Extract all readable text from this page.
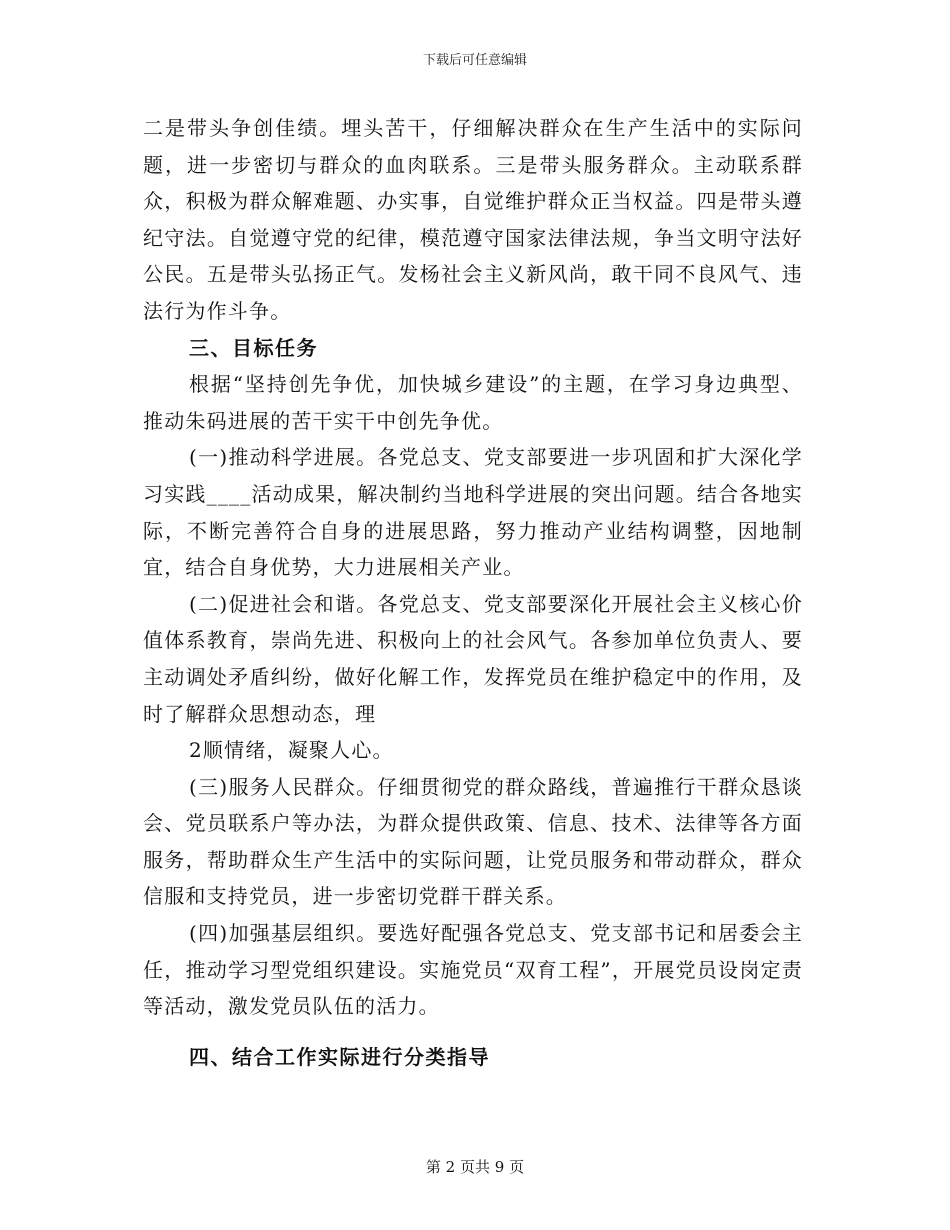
下载后可任意编辑

二是带头争创佳绩。埋头苦干，仔细解决群众在生产生活中的实际问题，进一步密切与群众的血肉联系。三是带头服务群众。主动联系群众，积极为群众解难题、办实事，自觉维护群众正当权益。四是带头遵纪守法。自觉遵守党的纪律，模范遵守国家法律法规，争当文明守法好公民。五是带头弘扬正气。发杨社会主义新风尚，敢干同不良风气、违法行为作斗争。

三、目标任务

根据“坚持创先争优，加快城乡建设”的主题，在学习身边典型、推动朱码进展的苦干实干中创先争优。

(一)推动科学进展。各党总支、党支部要进一步巩固和扩大深化学习实践____活动成果，解决制约当地科学进展的突出问题。结合各地实际，不断完善符合自身的进展思路，努力推动产业结构调整，因地制宜，结合自身优势，大力进展相关产业。

(二)促进社会和谐。各党总支、党支部要深化开展社会主义核心价值体系教育，崇尚先进、积极向上的社会风气。各参加单位负责人、要主动调处矛盾纠纷，做好化解工作，发挥党员在维护稳定中的作用，及时了解群众思想动态，理

2顺情绪，凝聚人心。

(三)服务人民群众。仔细贯彻党的群众路线，普遍推行干群众恳谈会、党员联系户等办法，为群众提供政策、信息、技术、法律等各方面服务，帮助群众生产生活中的实际问题，让党员服务和带动群众，群众信服和支持党员，进一步密切党群干群关系。

(四)加强基层组织。要选好配强各党总支、党支部书记和居委会主任，推动学习型党组织建设。实施党员“双育工程”，开展党员设岗定责等活动，激发党员队伍的活力。

四、结合工作实际进行分类指导

第 2 页共 9 页
